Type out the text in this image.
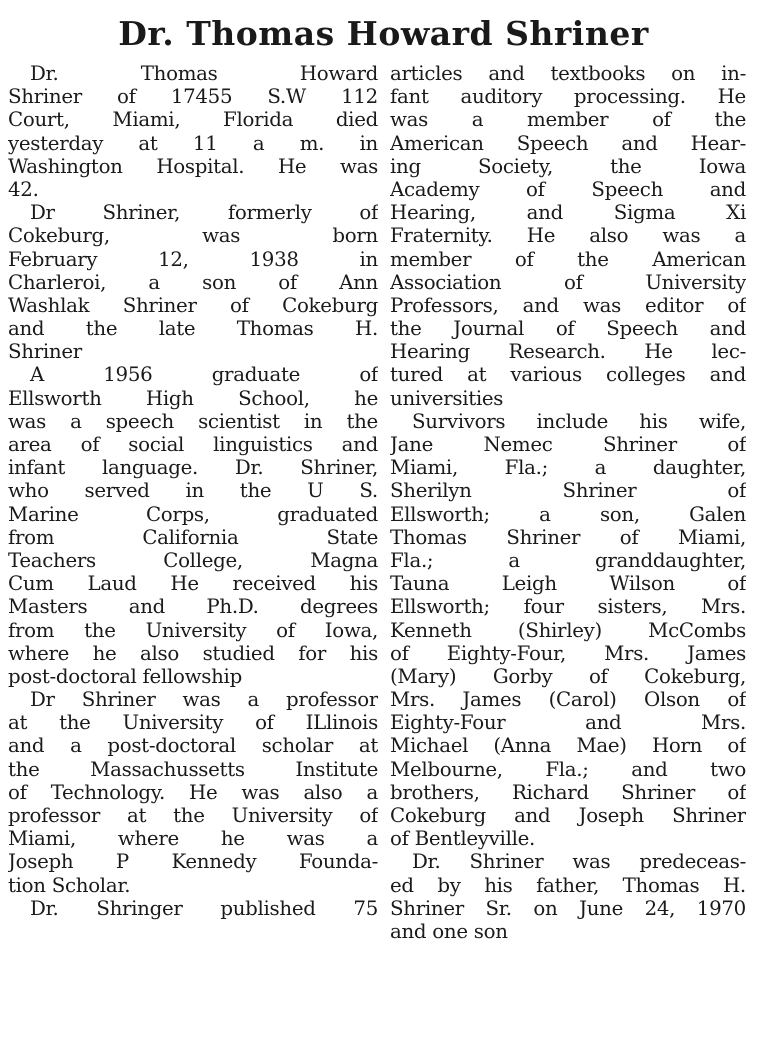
Dr. Thomas Howard Shriner
Dr.	Thomas	Howard
Shriner of 17455 S.W 112
Court, Miami, Florida died
yesterday at 11 a m. in
Washington Hospital. He was
42.
Dr Shriner, formerly of
Cokeburg,	was	born
February	12,	1938	in
Charleroi, a son of Ann
Washlak Shriner of Cokeburg
and the late Thomas H.
Shriner
A	1956	graduate	of
Ellsworth High School, he
was a speech scientist in the
area of social linguistics and
infant language. Dr. Shriner,
who served in the U S.
Marine	Corps,	graduated
from	California	State
Teachers	College,	Magna
Cum Laud He received his
Masters and Ph.D. degrees
from the University of Iowa,
where he also studied for his
post-doctoral fellowship
Dr Shriner was a professor
at the University of ILlinois
and a post-doctoral scholar at
the	Massachussetts	Institute
of Technology. He was also a
professor at the University of
Miami, where he was a
Joseph P Kennedy Founda-
tion Scholar.
Dr. Shringer published 75
articles and textbooks on in-
fant auditory processing. He
was a member of the
American Speech and Hear-
ing	Society,	the	Iowa
Academy of Speech and
Hearing,	and	Sigma	Xi
Fraternity. He also was a
member of the American
Association	of	University
Professors, and was editor of
the Journal of Speech and
Hearing Research. He lec-
tured at various colleges and
universities
Survivors include his wife,
Jane	Nemec	Shriner	of
Miami, Fla.; a daughter,
Sherilyn	Shriner	of
Ellsworth; a son, Galen
Thomas Shriner of Miami,
Fla.;	a	granddaughter,
Tauna	Leigh	Wilson	of
Ellsworth; four sisters, Mrs.
Kenneth (Shirley) McCombs
of Eighty-Four, Mrs. James
(Mary) Gorby of Cokeburg,
Mrs. James (Carol) Olson of
Eighty-Four	and	Mrs.
Michael (Anna Mae) Horn of
Melbourne, Fla.; and two
brothers, Richard Shriner of
Cokeburg and Joseph Shriner
of Bentleyville.
Dr. Shriner was predeceas-
ed by his father, Thomas H.
Shriner Sr. on June 24, 1970
and one son
